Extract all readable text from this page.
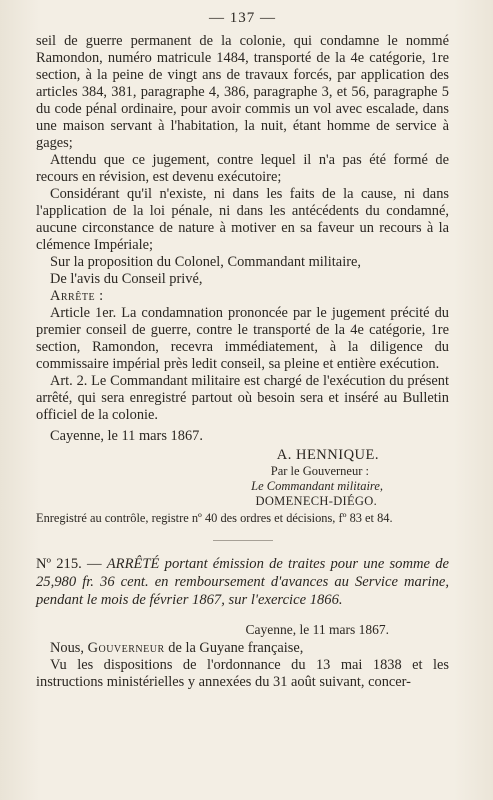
— 137 —

seil de guerre permanent de la colonie, qui condamne le nommé Ramondon, numéro matricule 1484, transporté de la 4e catégorie, 1re section, à la peine de vingt ans de travaux forcés, par application des articles 384, 381, paragraphe 4, 386, paragraphe 3, et 56, paragraphe 5 du code pénal ordinaire, pour avoir commis un vol avec escalade, dans une maison servant à l'habitation, la nuit, étant homme de service à gages;

Attendu que ce jugement, contre lequel il n'a pas été formé de recours en révision, est devenu exécutoire;

Considérant qu'il n'existe, ni dans les faits de la cause, ni dans l'application de la loi pénale, ni dans les antécédents du condamné, aucune circonstance de nature à motiver en sa faveur un recours à la clémence Impériale;

Sur la proposition du Colonel, Commandant militaire,

De l'avis du Conseil privé,

Arrête :

Article 1er. La condamnation prononcée par le jugement précité du premier conseil de guerre, contre le transporté de la 4e catégorie, 1re section, Ramondon, recevra immédiatement, à la diligence du commissaire impérial près ledit conseil, sa pleine et entière exécution.

Art. 2. Le Commandant militaire est chargé de l'exécution du présent arrêté, qui sera enregistré partout où besoin sera et inséré au Bulletin officiel de la colonie.

Cayenne, le 11 mars 1867.

A. HENNIQUE.
Par le Gouverneur :
Le Commandant militaire,
DOMENECH-DIÉGO.

Enregistré au contrôle, registre nº 40 des ordres et décisions, fº 83 et 84.

Nº 215. — ARRÊTÉ portant émission de traites pour une somme de 25,980 fr. 36 cent. en remboursement d'avances au Service marine, pendant le mois de février 1867, sur l'exercice 1866.

Cayenne, le 11 mars 1867.

Nous, Gouverneur de la Guyane française,

Vu les dispositions de l'ordonnance du 13 mai 1838 et les instructions ministérielles y annexées du 31 août suivant, concer-
